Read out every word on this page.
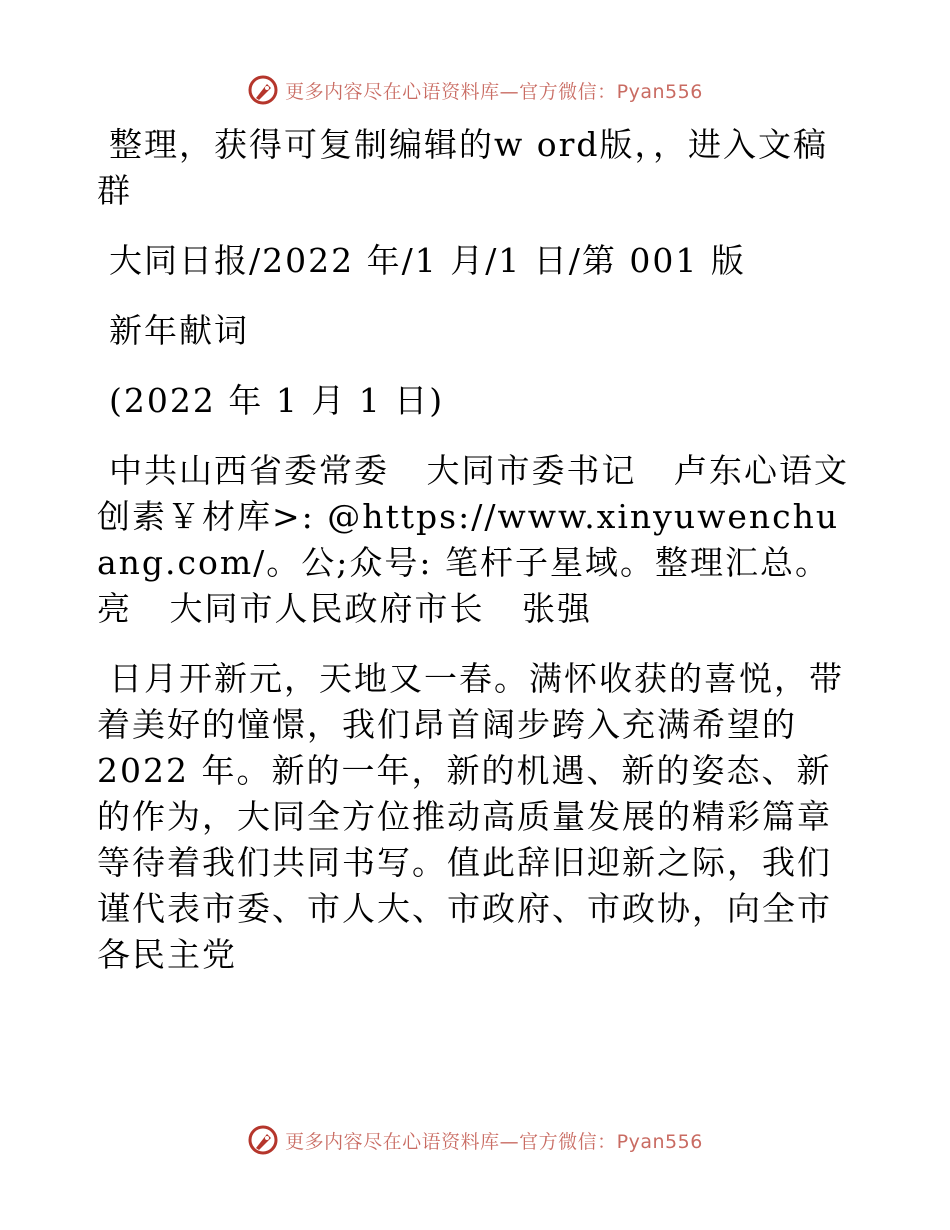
更多内容尽在心语资料库—官方微信：Pyan556

整理，获得可复制编辑的w ord版，，进入文稿群

大同日报/2022 年/1 月/1 日/第 001 版

新年献词

(2022 年 1 月 1 日)

中共山西省委常委   大同市委书记   卢东心语文创素￥材库>: @https://www.xinyuwenchuang.com/。公;众号: 笔杆子星域。整理汇总。亮   大同市人民政府市长   张强

日月开新元，天地又一春。满怀收获的喜悦，带着美好的憧憬，我们昂首阔步跨入充满希望的
2022 年。新的一年，新的机遇、新的姿态、新的作为，大同全方位推动高质量发展的精彩篇章等待着我们共同书写。值此辞旧迎新之际，我们谨代表市委、市人大、市政府、市政协，向全市各民主党

更多内容尽在心语资料库—官方微信：Pyan556
